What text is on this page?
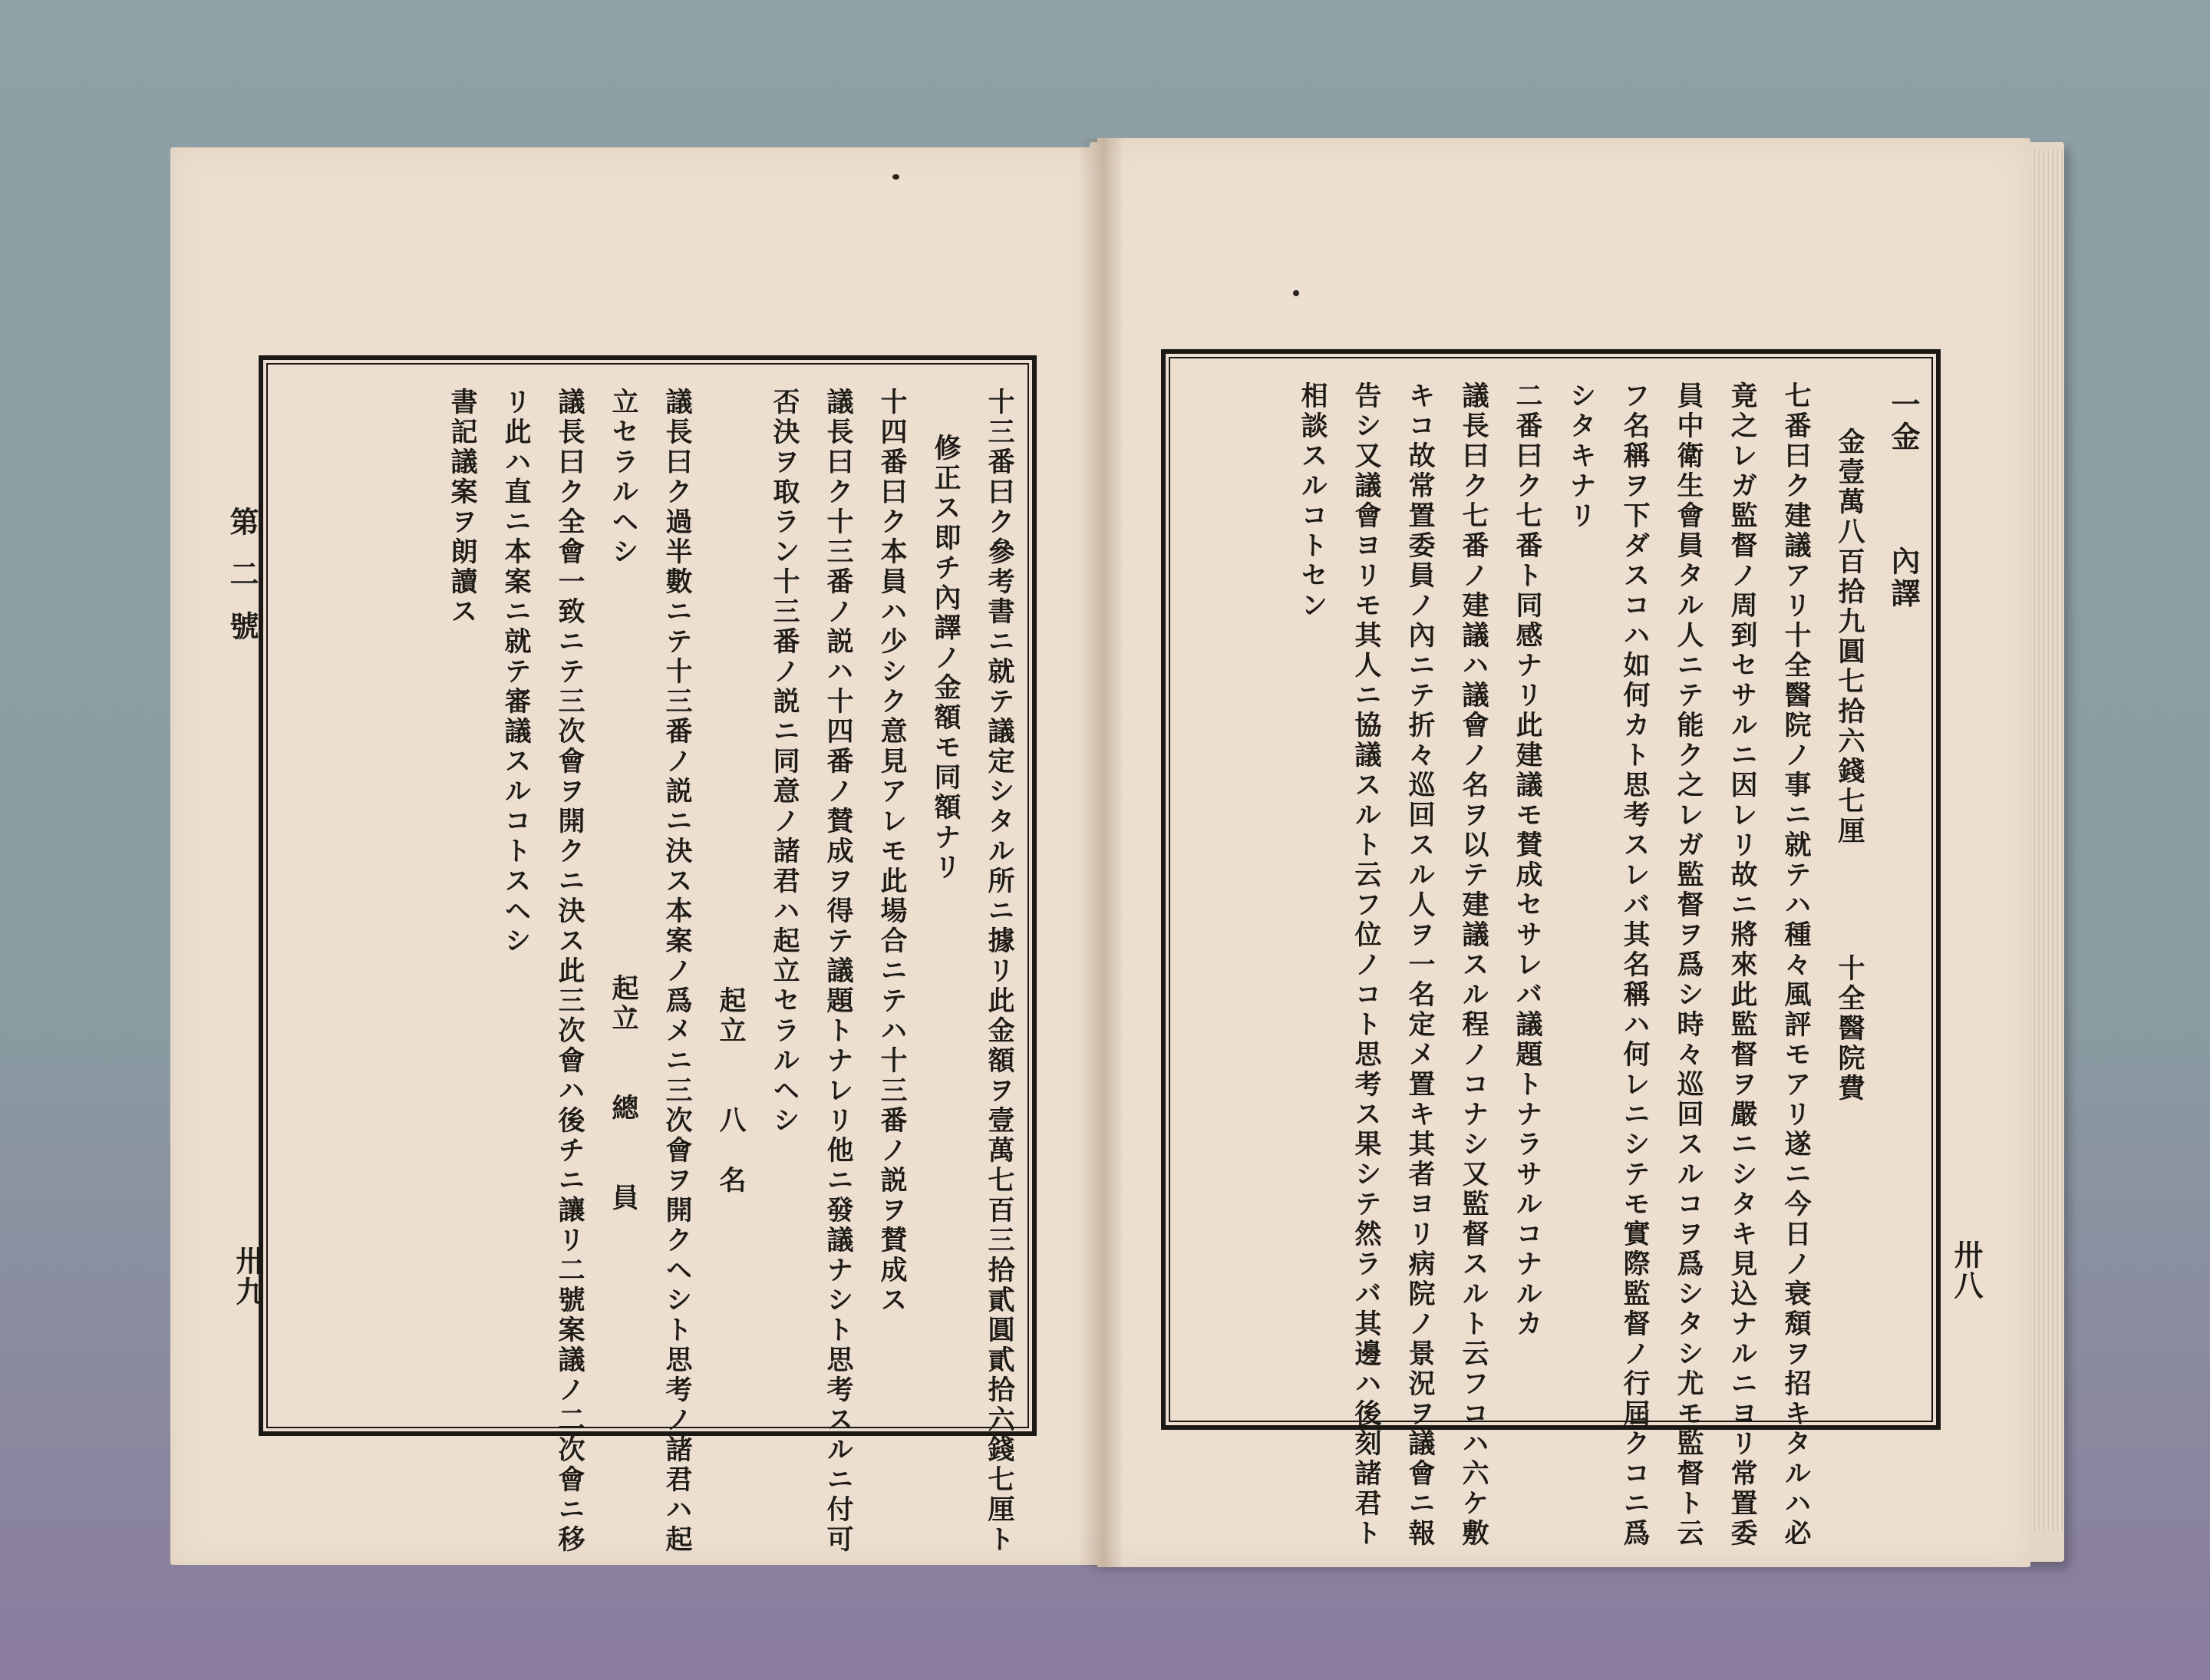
第二號
卅九	十三番曰ク參考書ニ就テ議定シタル所ニ據リ此金額ヲ壹萬七百三拾貳圓貳拾六錢七厘ト
修正ス即チ內譯ノ金額モ同額ナリ
十四番曰ク本員ハ少シク意見アレモ此場合ニテハ十三番ノ説ヲ賛成ス
議長曰ク十三番ノ説ハ十四番ノ賛成ヲ得テ議題トナレリ他ニ發議ナシト思考スルニ付可
否決ヲ取ラン十三番ノ説ニ同意ノ諸君ハ起立セラルヘシ
起立　　八　名
議長曰ク過半數ニテ十三番ノ説ニ決ス本案ノ爲メニ三次會ヲ開クヘシト思考ノ諸君ハ起
立セラルヘシ起立　　總　　員
議長曰ク全會一致ニテ三次會ヲ開クニ決ス此三次會ハ後チニ讓リ二號案議ノ二次會ニ移
リ此ハ直ニ本案ニ就テ審議スルコトスヘシ
書記議案ヲ朗讀ス
卅八
一金內譯
金壹萬八百拾九圓七拾六錢七厘十全醫院費
七番曰ク建議アリ十全醫院ノ事ニ就テハ種々風評モアリ遂ニ今日ノ衰頽ヲ招キタルハ必
竟之レガ監督ノ周到セサルニ因レリ故ニ將來此監督ヲ嚴ニシタキ見込ナルニヨリ常置委
員中衛生會員タル人ニテ能ク之レガ監督ヲ爲シ時々巡回スルコヲ爲シタシ尤モ監督ト云
フ名稱ヲ下ダスコハ如何カト思考スレバ其名稱ハ何レニシテモ實際監督ノ行屆クコニ爲
シタキナリ
二番曰ク七番ト同感ナリ此建議モ賛成セサレバ議題トナラサルコナルカ
議長曰ク七番ノ建議ハ議會ノ名ヲ以テ建議スル程ノコナシ又監督スルト云フコハ六ケ敷
キコ故常置委員ノ內ニテ折々巡回スル人ヲ一名定メ置キ其者ヨリ病院ノ景況ヲ議會ニ報
告シ又議會ヨリモ其人ニ協議スルト云フ位ノコト思考ス果シテ然ラバ其邊ハ後刻諸君ト
相談スルコトセン
